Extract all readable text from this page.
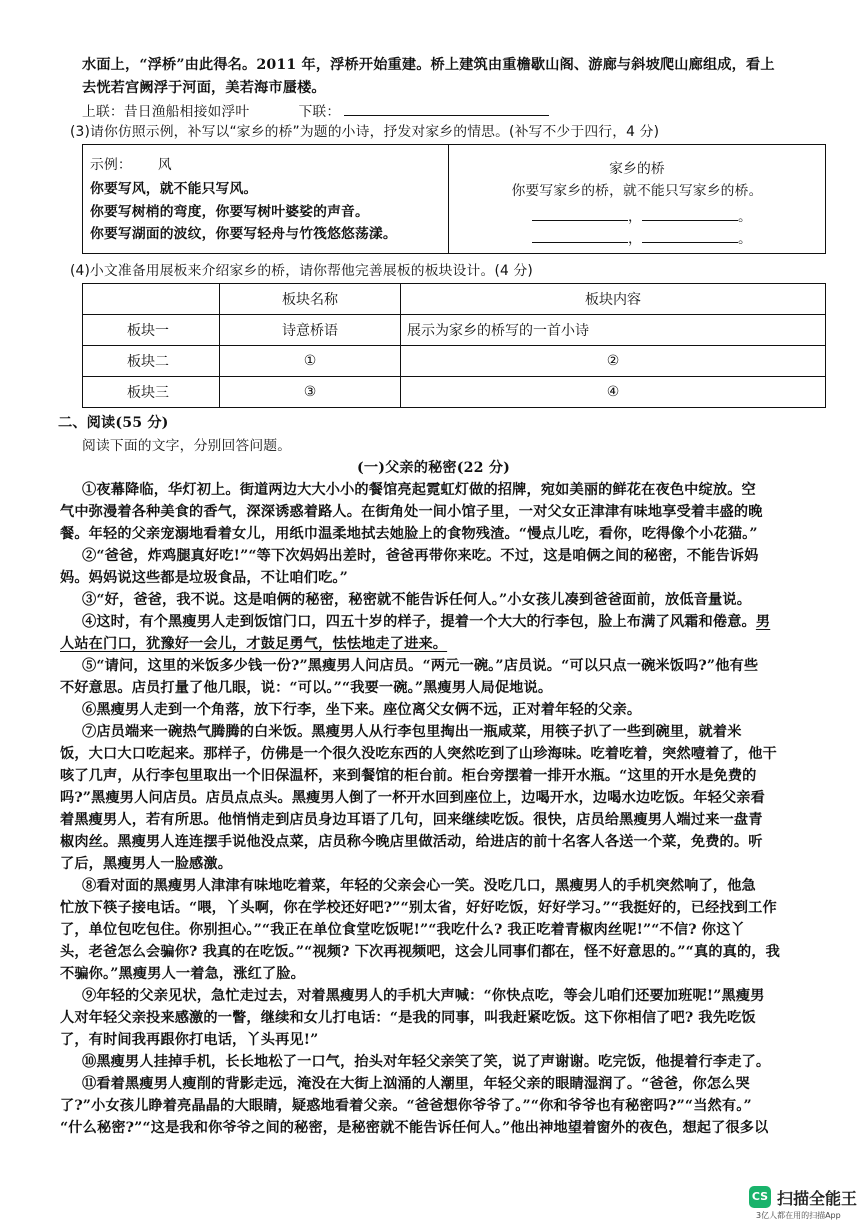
水面上，“浮桥”由此得名。2011 年，浮桥开始重建。桥上建筑由重檐歇山阁、游廊与斜坡爬山廊组成，看上
去恍若宫阙浮于河面，美若海市蜃楼。
上联：昔日渔船相接如浮叶	下联：
(3)请你仿照示例，补写以“家乡的桥”为题的小诗，抒发对家乡的情思。(补写不少于四行，4 分)
示例： 风
你要写风，就不能只写风。
你要写树梢的弯度，你要写树叶婆娑的声音。
你要写湖面的波纹，你要写轻舟与竹筏悠悠荡漾。
家乡的桥
你要写家乡的桥，就不能只写家乡的桥。
，	。
，	。
(4)小文准备用展板来介绍家乡的桥，请你帮他完善展板的板块设计。(4 分)
	板块名称	板块内容
板块一	诗意桥语	展示为家乡的桥写的一首小诗
板块二	①	②
板块三	③	④
二、阅读(55 分)
阅读下面的文字，分别回答问题。
(一)父亲的秘密(22 分)
①夜幕降临，华灯初上。街道两边大大小小的餐馆亮起霓虹灯做的招牌，宛如美丽的鲜花在夜色中绽放。空
气中弥漫着各种美食的香气，深深诱惑着路人。在街角处一间小馆子里，一对父女正津津有味地享受着丰盛的晚
餐。年轻的父亲宠溺地看着女儿，用纸巾温柔地拭去她脸上的食物残渣。“慢点儿吃，看你，吃得像个小花猫。”
②“爸爸，炸鸡腿真好吃!”“等下次妈妈出差时，爸爸再带你来吃。不过，这是咱俩之间的秘密，不能告诉妈
妈。妈妈说这些都是垃圾食品，不让咱们吃。”
③“好，爸爸，我不说。这是咱俩的秘密，秘密就不能告诉任何人。”小女孩儿凑到爸爸面前，放低音量说。
④这时，有个黑瘦男人走到饭馆门口，四五十岁的样子，提着一个大大的行李包，脸上布满了风霜和倦意。男
人站在门口，犹豫好一会儿，才鼓足勇气，怯怯地走了进来。
⑤“请问，这里的米饭多少钱一份?”黑瘦男人问店员。“两元一碗。”店员说。“可以只点一碗米饭吗?”他有些
不好意思。店员打量了他几眼，说：“可以。”“我要一碗。”黑瘦男人局促地说。
⑥黑瘦男人走到一个角落，放下行李，坐下来。座位离父女俩不远，正对着年轻的父亲。
⑦店员端来一碗热气腾腾的白米饭。黑瘦男人从行李包里掏出一瓶咸菜，用筷子扒了一些到碗里，就着米
饭，大口大口吃起来。那样子，仿佛是一个很久没吃东西的人突然吃到了山珍海味。吃着吃着，突然噎着了，他干
咳了几声，从行李包里取出一个旧保温杯，来到餐馆的柜台前。柜台旁摆着一排开水瓶。“这里的开水是免费的
吗?”黑瘦男人问店员。店员点点头。黑瘦男人倒了一杯开水回到座位上，边喝开水，边喝水边吃饭。年轻父亲看
着黑瘦男人，若有所思。他悄悄走到店员身边耳语了几句，回来继续吃饭。很快，店员给黑瘦男人端过来一盘青
椒肉丝。黑瘦男人连连摆手说他没点菜，店员称今晚店里做活动，给进店的前十名客人各送一个菜，免费的。听
了后，黑瘦男人一脸感激。
⑧看对面的黑瘦男人津津有味地吃着菜，年轻的父亲会心一笑。没吃几口，黑瘦男人的手机突然响了，他急
忙放下筷子接电话。“喂，丫头啊，你在学校还好吧?”“别太省，好好吃饭，好好学习。”“我挺好的，已经找到工作
了，单位包吃包住。你别担心。”“我正在单位食堂吃饭呢!”“我吃什么? 我正吃着青椒肉丝呢!”“不信? 你这丫
头，老爸怎么会骗你? 我真的在吃饭。”“视频? 下次再视频吧，这会儿同事们都在，怪不好意思的。”“真的真的，我
不骗你。”黑瘦男人一着急，涨红了脸。
⑨年轻的父亲见状，急忙走过去，对着黑瘦男人的手机大声喊：“你快点吃，等会儿咱们还要加班呢!”黑瘦男
人对年轻父亲投来感激的一瞥，继续和女儿打电话：“是我的同事，叫我赶紧吃饭。这下你相信了吧? 我先吃饭
了，有时间我再跟你打电话，丫头再见!”
⑩黑瘦男人挂掉手机，长长地松了一口气，抬头对年轻父亲笑了笑，说了声谢谢。吃完饭，他提着行李走了。
⑪看着黑瘦男人瘦削的背影走远，淹没在大街上汹涌的人潮里，年轻父亲的眼睛湿润了。“爸爸，你怎么哭
了?”小女孩儿睁着亮晶晶的大眼睛，疑惑地看着父亲。“爸爸想你爷爷了。”“你和爷爷也有秘密吗?”“当然有。”
“什么秘密?”“这是我和你爷爷之间的秘密，是秘密就不能告诉任何人。”他出神地望着窗外的夜色，想起了很多以
CS 扫描全能王
3亿人都在用的扫描App
